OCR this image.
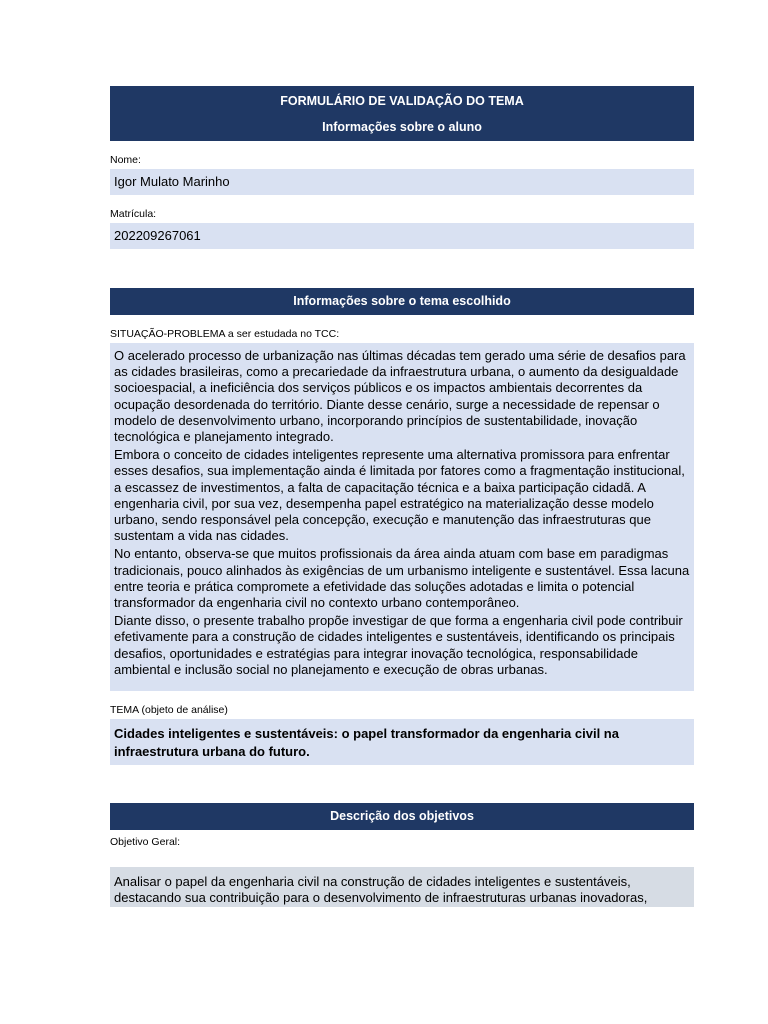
FORMULÁRIO DE VALIDAÇÃO DO TEMA
Informações sobre o aluno
Nome:
Igor Mulato Marinho
Matrícula:
202209267061
Informações sobre o tema escolhido
SITUAÇÃO-PROBLEMA a ser estudada no TCC:

O acelerado processo de urbanização nas últimas décadas tem gerado uma série de desafios para as cidades brasileiras, como a precariedade da infraestrutura urbana, o aumento da desigualdade socioespacial, a ineficiência dos serviços públicos e os impactos ambientais decorrentes da ocupação desordenada do território. Diante desse cenário, surge a necessidade de repensar o modelo de desenvolvimento urbano, incorporando princípios de sustentabilidade, inovação tecnológica e planejamento integrado.

Embora o conceito de cidades inteligentes represente uma alternativa promissora para enfrentar esses desafios, sua implementação ainda é limitada por fatores como a fragmentação institucional, a escassez de investimentos, a falta de capacitação técnica e a baixa participação cidadã. A engenharia civil, por sua vez, desempenha papel estratégico na materialização desse modelo urbano, sendo responsável pela concepção, execução e manutenção das infraestruturas que sustentam a vida nas cidades.

No entanto, observa-se que muitos profissionais da área ainda atuam com base em paradigmas tradicionais, pouco alinhados às exigências de um urbanismo inteligente e sustentável. Essa lacuna entre teoria e prática compromete a efetividade das soluções adotadas e limita o potencial transformador da engenharia civil no contexto urbano contemporâneo.

Diante disso, o presente trabalho propõe investigar de que forma a engenharia civil pode contribuir efetivamente para a construção de cidades inteligentes e sustentáveis, identificando os principais desafios, oportunidades e estratégias para integrar inovação tecnológica, responsabilidade ambiental e inclusão social no planejamento e execução de obras urbanas.

TEMA (objeto de análise)
Cidades inteligentes e sustentáveis: o papel transformador da engenharia civil na infraestrutura urbana do futuro.
Descrição dos objetivos
Objetivo Geral:
Analisar o papel da engenharia civil na construção de cidades inteligentes e sustentáveis, destacando sua contribuição para o desenvolvimento de infraestruturas urbanas inovadoras,
